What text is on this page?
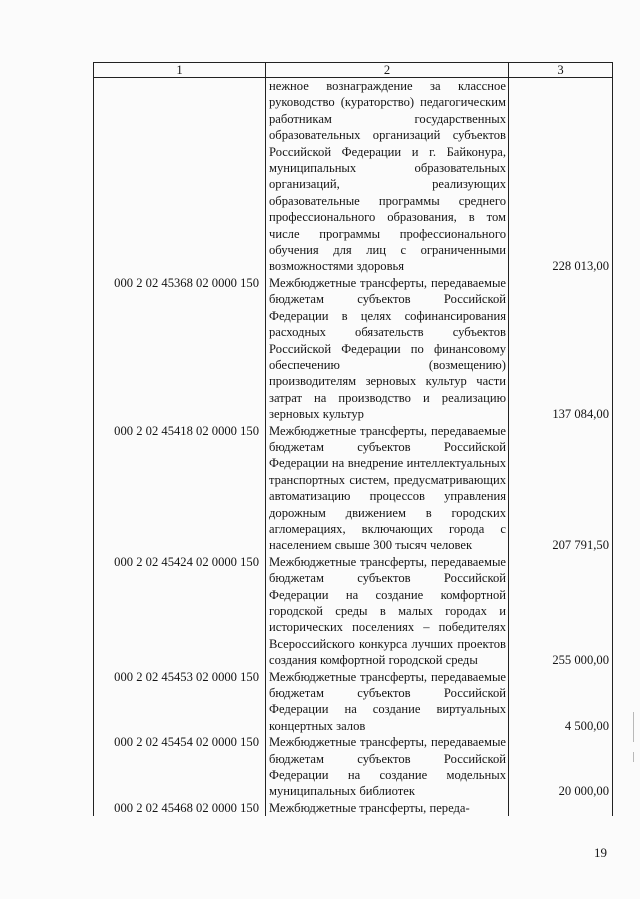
1	2	3
	нежное вознаграждение за классное руководство (кураторство) педагогическим работникам государственных образовательных организаций субъектов Российской Федерации и г. Байконура, муниципальных образовательных организаций, реализующих образовательные программы среднего профессионального образования, в том числе программы профессионального обучения для лиц с ограниченными возможностями здоровья	228 013,00
000 2 02 45368 02 0000 150	Межбюджетные трансферты, передаваемые бюджетам субъектов Российской Федерации в целях софинансирования расходных обязательств субъектов Российской Федерации по финансовому обеспечению (возмещению) производителям зерновых культур части затрат на производство и реализацию зерновых культур	137 084,00
000 2 02 45418 02 0000 150	Межбюджетные трансферты, передаваемые бюджетам субъектов Российской Федерации на внедрение интеллектуальных транспортных систем, предусматривающих автоматизацию процессов управления дорожным движением в городских агломерациях, включающих города с населением свыше 300 тысяч человек	207 791,50
000 2 02 45424 02 0000 150	Межбюджетные трансферты, передаваемые бюджетам субъектов Российской Федерации на создание комфортной городской среды в малых городах и исторических поселениях – победителях Всероссийского конкурса лучших проектов создания комфортной городской среды	255 000,00
000 2 02 45453 02 0000 150	Межбюджетные трансферты, передаваемые бюджетам субъектов Российской Федерации на создание виртуальных концертных залов	4 500,00
000 2 02 45454 02 0000 150	Межбюджетные трансферты, передаваемые бюджетам субъектов Российской Федерации на создание модельных муниципальных библиотек	20 000,00
000 2 02 45468 02 0000 150	Межбюджетные трансферты, переда-	
19
